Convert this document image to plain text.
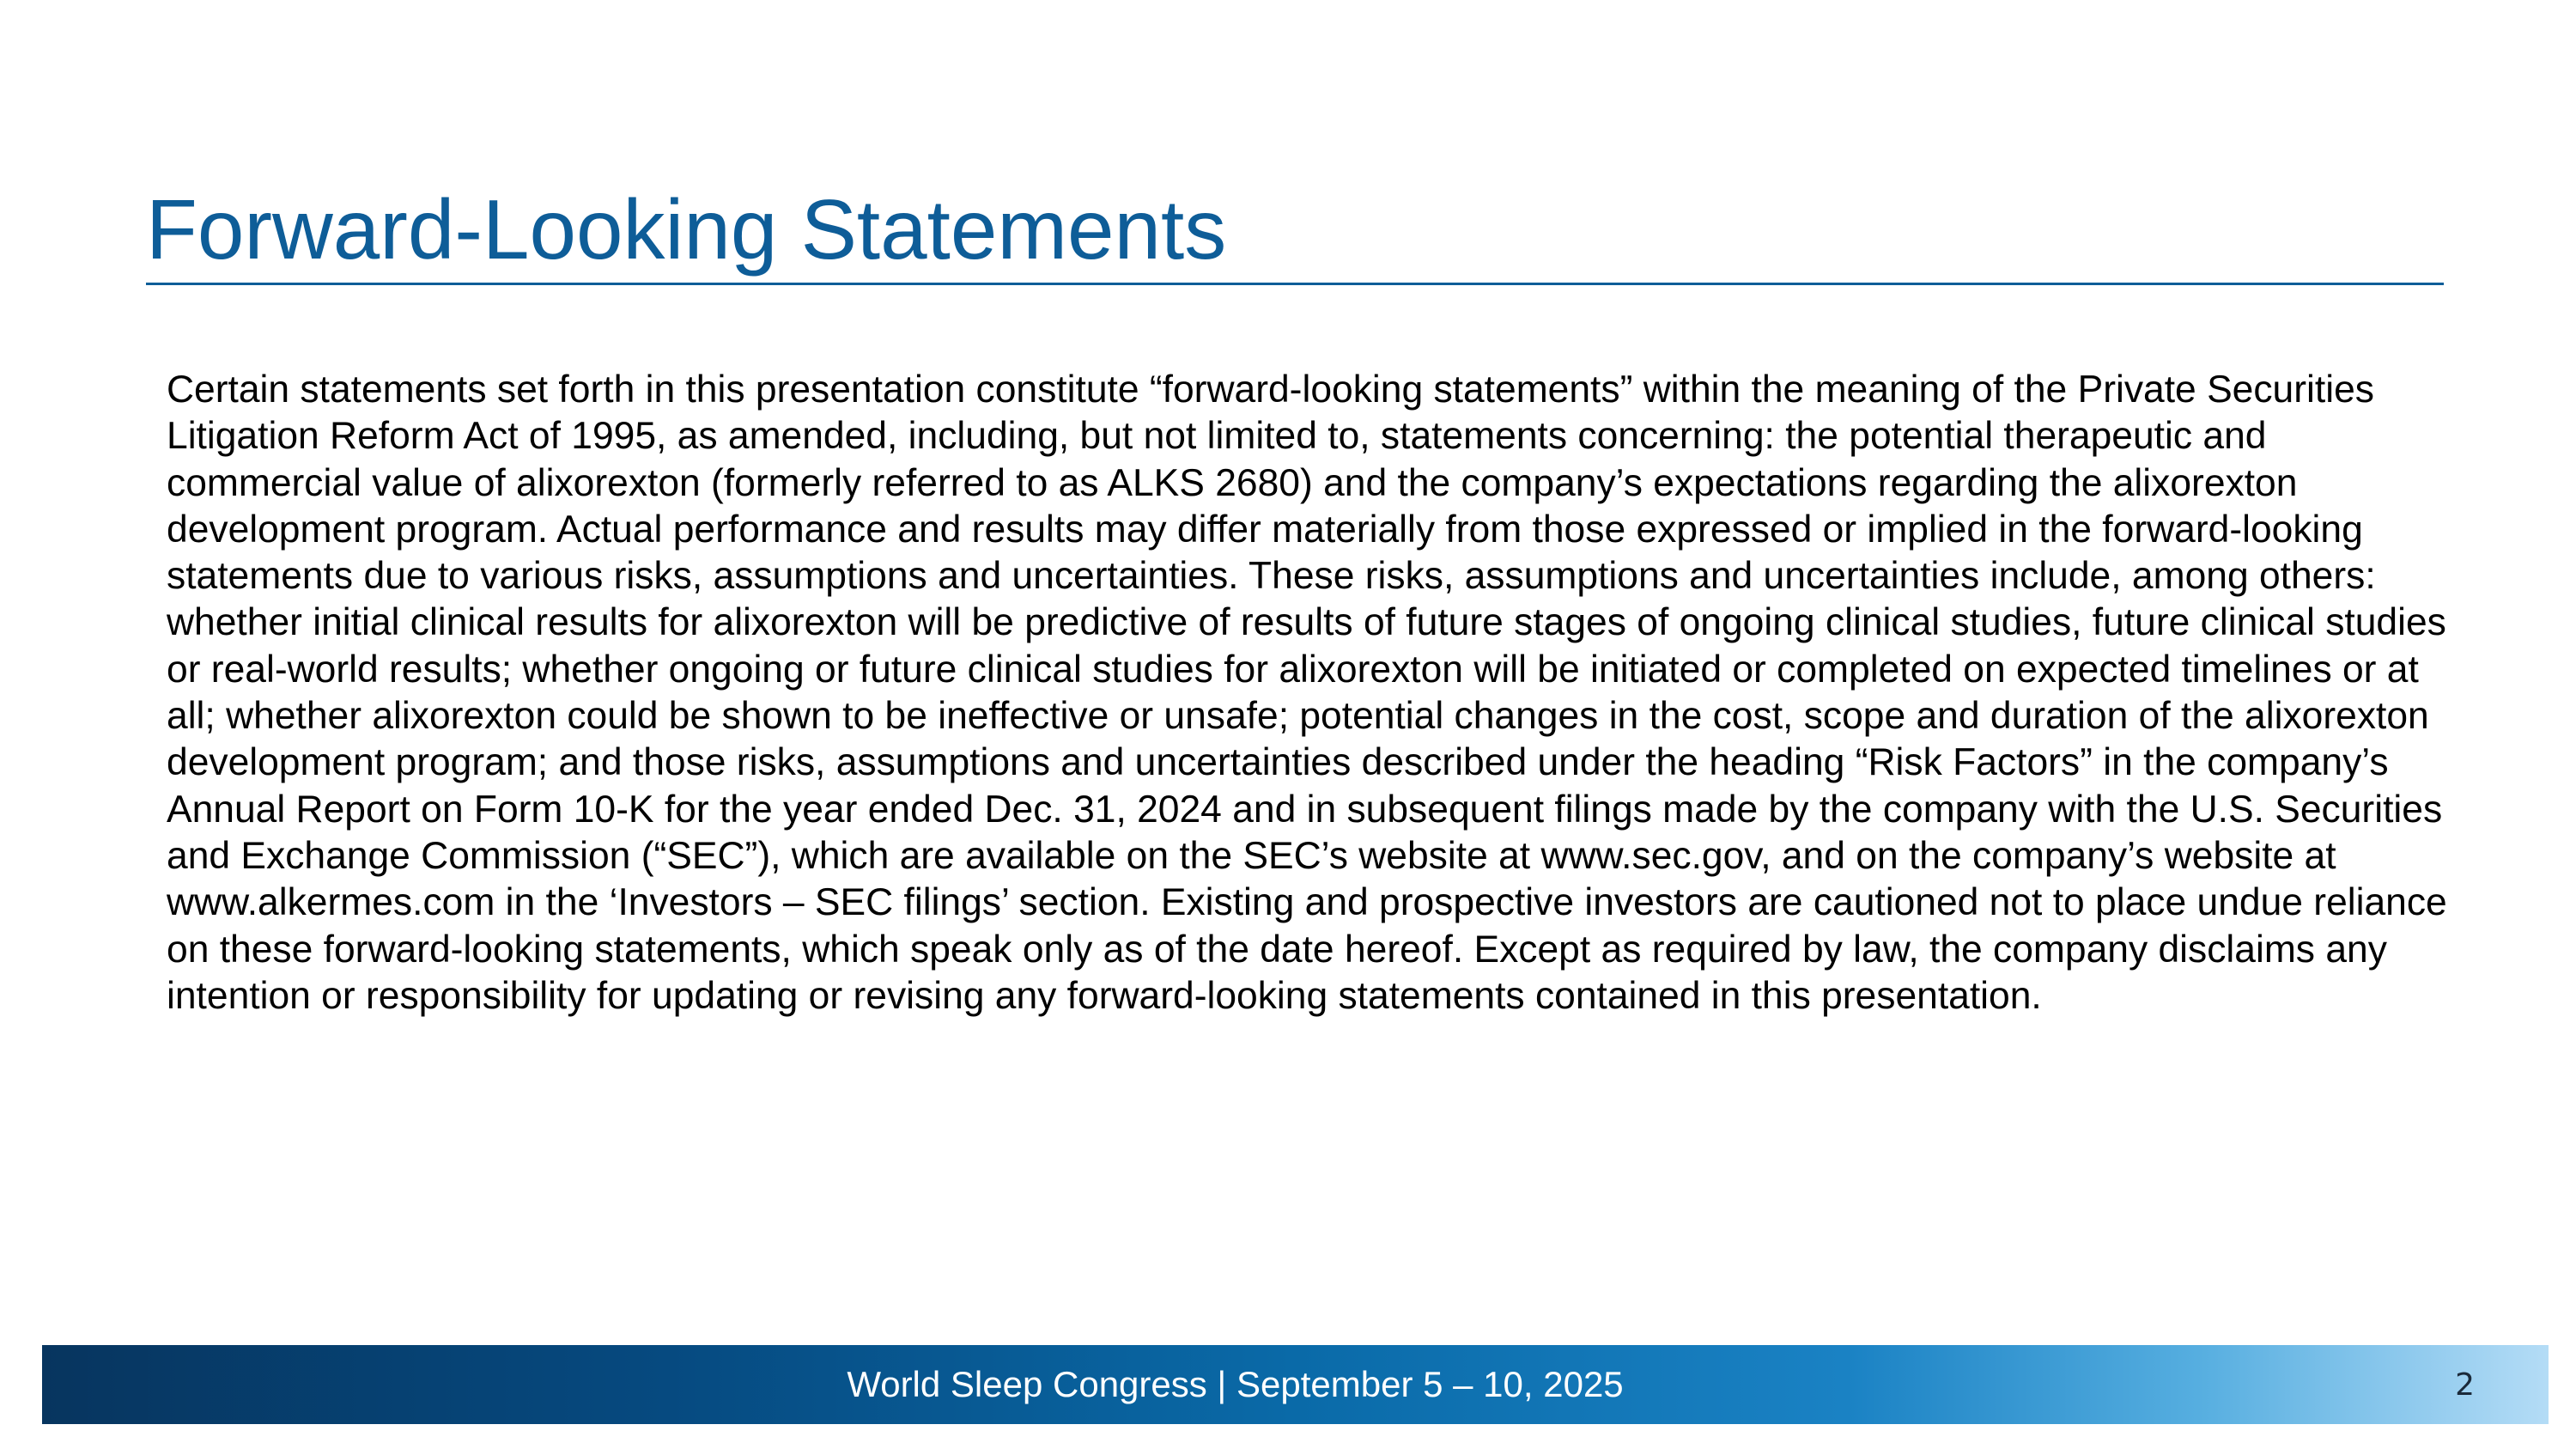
Forward-Looking Statements

Certain statements set forth in this presentation constitute “forward-looking statements” within the meaning of the Private Securities Litigation Reform Act of 1995, as amended, including, but not limited to, statements concerning: the potential therapeutic and commercial value of alixorexton (formerly referred to as ALKS 2680) and the company’s expectations regarding the alixorexton development program. Actual performance and results may differ materially from those expressed or implied in the forward-looking statements due to various risks, assumptions and uncertainties. These risks, assumptions and uncertainties include, among others: whether initial clinical results for alixorexton will be predictive of results of future stages of ongoing clinical studies, future clinical studies or real-world results; whether ongoing or future clinical studies for alixorexton will be initiated or completed on expected timelines or at all; whether alixorexton could be shown to be ineffective or unsafe; potential changes in the cost, scope and duration of the alixorexton development program; and those risks, assumptions and uncertainties described under the heading “Risk Factors” in the company’s Annual Report on Form 10-K for the year ended Dec. 31, 2024 and in subsequent filings made by the company with the U.S. Securities and Exchange Commission (“SEC”), which are available on the SEC’s website at www.sec.gov, and on the company’s website at www.alkermes.com in the ‘Investors – SEC filings’ section. Existing and prospective investors are cautioned not to place undue reliance on these forward-looking statements, which speak only as of the date hereof. Except as required by law, the company disclaims any intention or responsibility for updating or revising any forward-looking statements contained in this presentation.

World Sleep Congress | September 5 – 10, 2025	2
